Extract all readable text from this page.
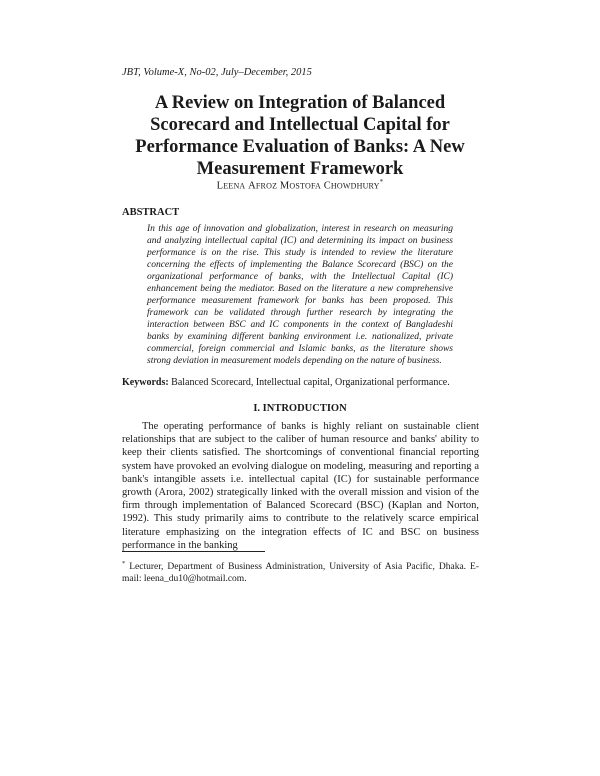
JBT, Volume-X, No-02, July–December, 2015
A Review on Integration of Balanced
Scorecard and Intellectual Capital for
Performance Evaluation of Banks: A New
Measurement Framework
LEENA AFROZ MOSTOFA CHOWDHURY*
ABSTRACT
In this age of innovation and globalization, interest in research on measuring and analyzing intellectual capital (IC) and determining its impact on business performance is on the rise. This study is intended to review the literature concerning the effects of implementing the Balance Scorecard (BSC) on the organizational performance of banks, with the Intellectual Capital (IC) enhancement being the mediator. Based on the literature a new comprehensive performance measurement framework for banks has been proposed. This framework can be validated through further research by integrating the interaction between BSC and IC components in the context of Bangladeshi banks by examining different banking environment i.e. nationalized, private commercial, foreign commercial and Islamic banks, as the literature shows strong deviation in measurement models depending on the nature of business.
Keywords: Balanced Scorecard, Intellectual capital, Organizational performance.
I. INTRODUCTION
The operating performance of banks is highly reliant on sustainable client relationships that are subject to the caliber of human resource and banks' ability to keep their clients satisfied. The shortcomings of conventional financial reporting system have provoked an evolving dialogue on modeling, measuring and reporting a bank's intangible assets i.e. intellectual capital (IC) for sustainable performance growth (Arora, 2002) strategically linked with the overall mission and vision of the firm through implementation of Balanced Scorecard (BSC) (Kaplan and Norton, 1992). This study primarily aims to contribute to the relatively scarce empirical literature emphasizing on the integration effects of IC and BSC on business performance in the banking
* Lecturer, Department of Business Administration, University of Asia Pacific, Dhaka. E-mail: leena_du10@hotmail.com.
